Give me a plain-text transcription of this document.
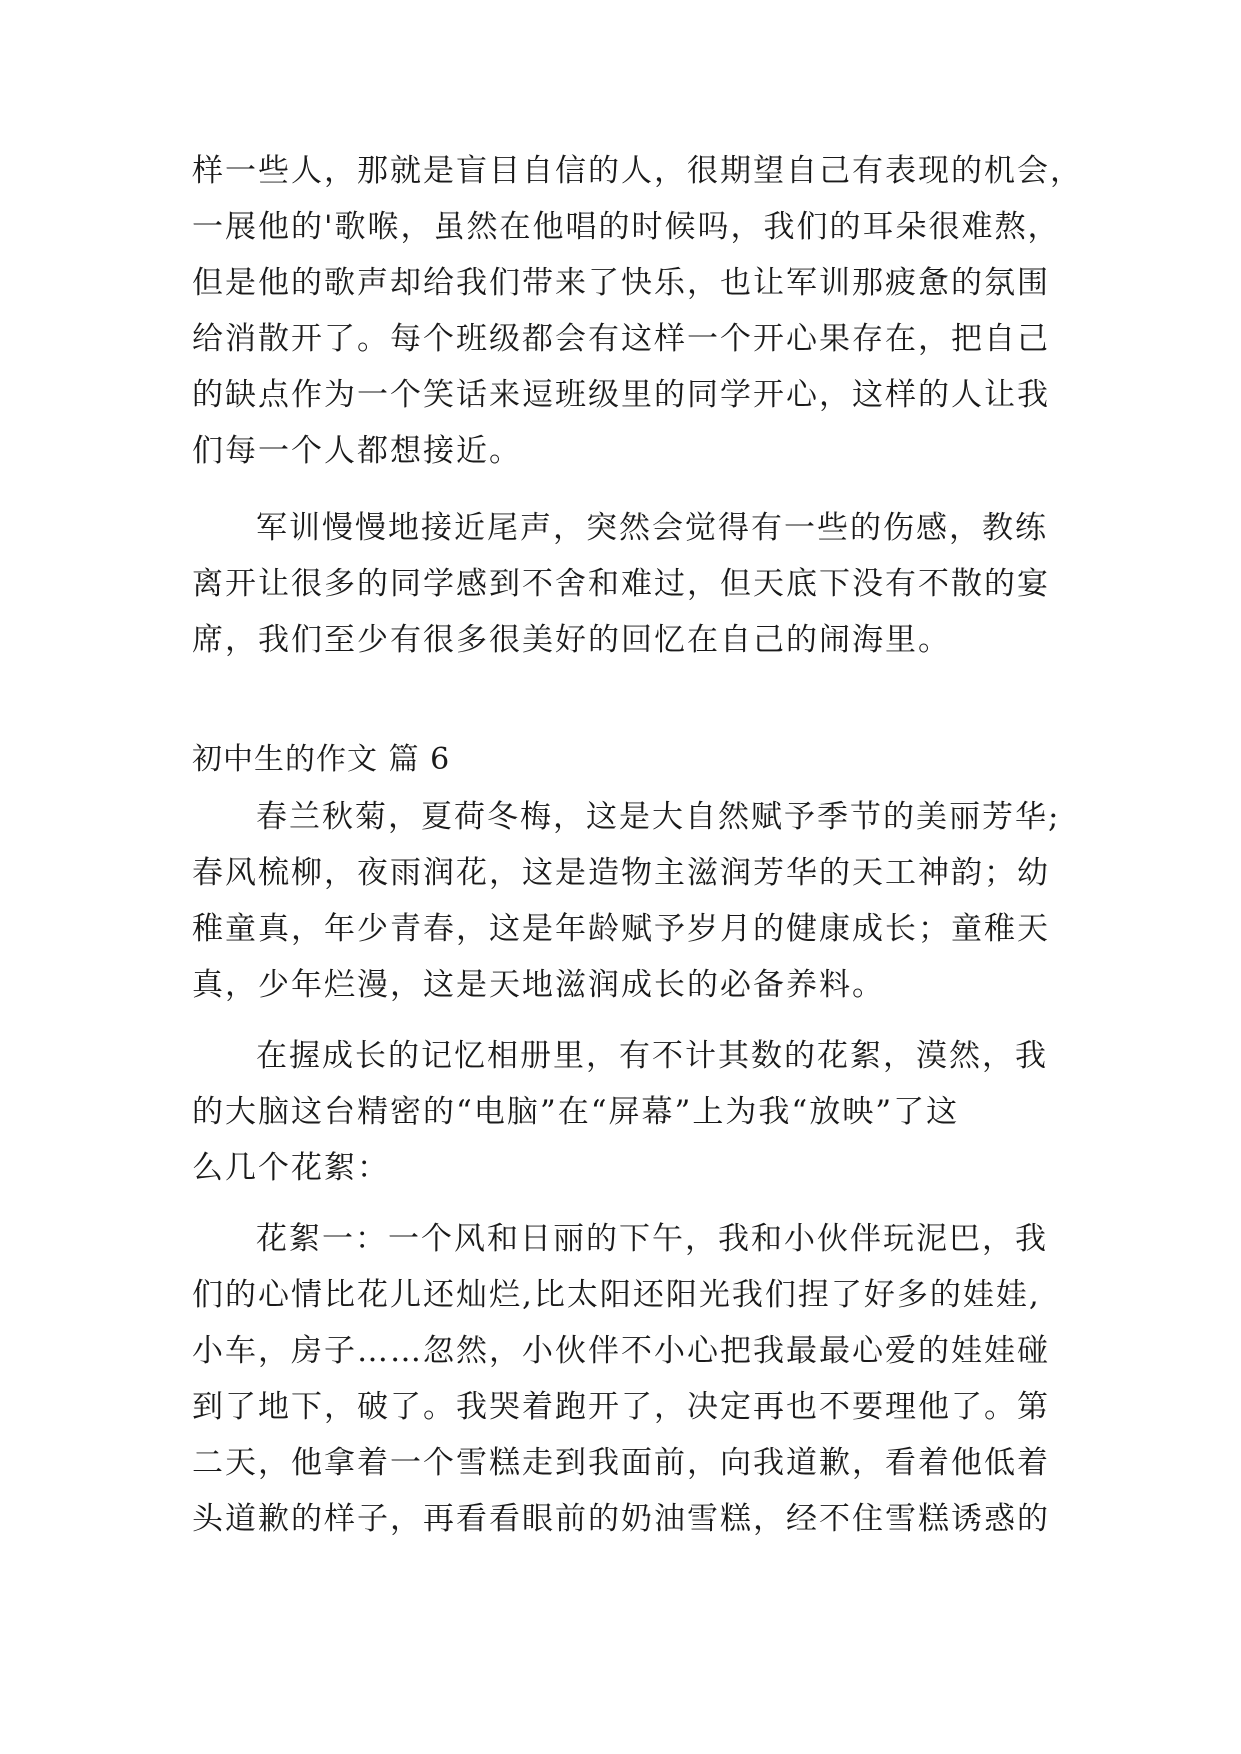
样一些人，那就是盲目自信的人，很期望自己有表现的机会，
一展他的'歌喉，虽然在他唱的时候吗，我们的耳朵很难熬，
但是他的歌声却给我们带来了快乐，也让军训那疲惫的氛围
给消散开了。每个班级都会有这样一个开心果存在，把自己
的缺点作为一个笑话来逗班级里的同学开心，这样的人让我
们每一个人都想接近。
军训慢慢地接近尾声，突然会觉得有一些的伤感，教练
离开让很多的同学感到不舍和难过，但天底下没有不散的宴
席，我们至少有很多很美好的回忆在自己的闹海里。
初中生的作文 篇 6
春兰秋菊，夏荷冬梅，这是大自然赋予季节的美丽芳华;
春风梳柳，夜雨润花，这是造物主滋润芳华的天工神韵；幼
稚童真，年少青春，这是年龄赋予岁月的健康成长；童稚天
真，少年烂漫，这是天地滋润成长的必备养料。
在握成长的记忆相册里，有不计其数的花絮，漠然，我
的大脑这台精密的“电脑”在“屏幕”上为我“放映”了这
么几个花絮：
花絮一：一个风和日丽的下午，我和小伙伴玩泥巴，我
们的心情比花儿还灿烂,比太阳还阳光我们捏了好多的娃娃,
小车，房子……忽然，小伙伴不小心把我最最心爱的娃娃碰
到了地下，破了。我哭着跑开了，决定再也不要理他了。第
二天，他拿着一个雪糕走到我面前，向我道歉，看着他低着
头道歉的样子，再看看眼前的奶油雪糕，经不住雪糕诱惑的
